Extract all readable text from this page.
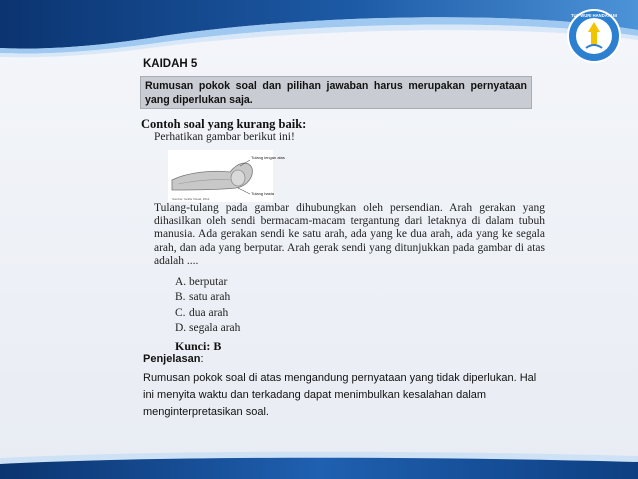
TUT WURI HANDAYANI
KAIDAH 5
Rumusan pokok soal dan pilihan jawaban harus merupakan pernyataan yang diperlukan saja.
Contoh soal yang kurang baik:
Perhatikan gambar berikut ini!
Tulang lengan atas
Tulang hasta
Sumber: Grafis Visual, 2012

Tulang-tulang pada gambar dihubungkan oleh persendian. Arah gerakan yang dihasilkan oleh sendi bermacam-macam tergantung dari letaknya di dalam tubuh manusia. Ada gerakan sendi ke satu arah, ada yang ke dua arah, ada yang ke segala arah, dan ada yang berputar. Arah gerak sendi yang ditunjukkan pada gambar di atas adalah ....

A. berputar
B. satu arah
C. dua arah
D. segala arah
Kunci: B
Penjelasan:

Rumusan pokok soal di atas mengandung pernyataan yang tidak diperlukan. Hal ini menyita waktu dan terkadang dapat menimbulkan kesalahan dalam menginterpretasikan soal.
